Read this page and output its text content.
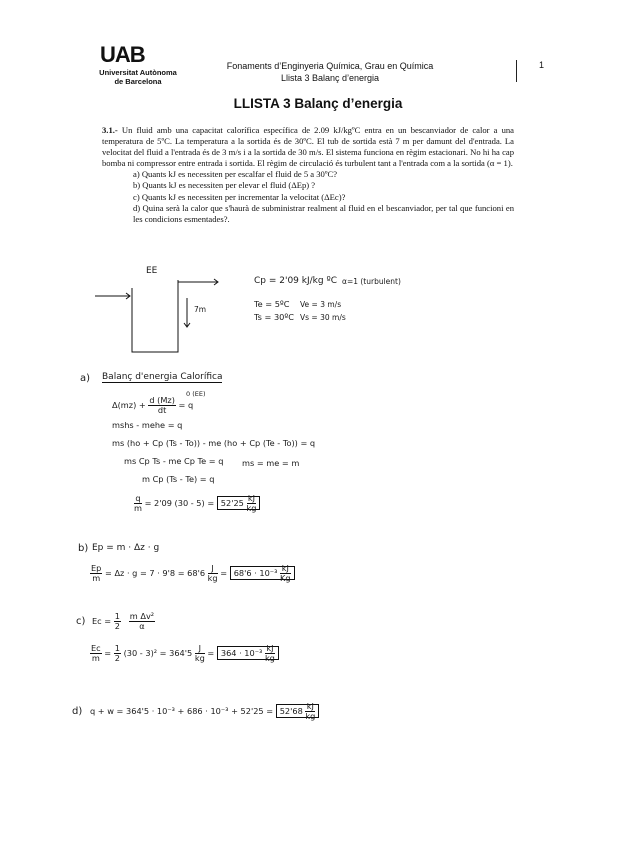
UAB
Universitat Autònoma
de Barcelona
Fonaments d’Enginyeria Química, Grau en Química
Llista 3 Balanç d’energia
1
LLISTA 3 Balanç d’energia

3.1.- Un fluid amb una capacitat calorífica específica de 2.09 kJ/kgºC entra en un bescanviador de calor a una temperatura de 5ºC. La temperatura a la sortida és de 30ºC. El tub de sortida està 7 m per damunt del d'entrada. La velocitat del fluid a l'entrada és de 3 m/s i a la sortida de 30 m/s. El sistema funciona en règim estacionari. No hi ha cap bomba ni compressor entre entrada i sortida. El règim de circulació és turbulent tant a l'entrada com a la sortida (α = 1).

a) Quants kJ es necessiten per escalfar el fluid de 5 a 30ºC?

b) Quants kJ es necessiten per elevar el fluid (ΔEp) ?

c) Quants kJ es necessiten per incrementar la velocitat (ΔEc)?

d) Quina serà la calor que s'haurà de subministrar realment al fluid en el bescanviador, per tal que funcioni en les condicions esmentades?.

EE
7m
Cp = 2'09 kJ/kg ºC α=1 (turbulent)
Te = 5ºC Ve = 3 m/s
Ts = 30ºC Vs = 30 m/s
a) Balanç d'energia Calorífica
0 (EE)
$\Delta(mz) + \frac{d (Mz)}{dt} = q$
mshs - mehe = q
ms (ho + Cp (Ts - To)) - me (ho + Cp (Te - To)) = q
ms Cp Ts - me Cp Te = q ms = me = m
m Cp (Ts - Te) = q
$\frac{q}{m} = 2'09$ $(30 - 5) = 52'25 \frac{kJ}{kg}$
b) Ep = m · Δz · g
$\frac{Ep}{m} = \Delta z \cdot g = 7 \cdot 9'8 = 68'6 \frac{J}{kg} = 68'6 \cdot 10^{-3} \frac{kJ}{Kg}$
c) $Ec = \frac{1}{2}$
$\frac{\text{m Δv²}}{\alpha}$
$\frac{Ec}{m} = \frac{1}{2} (30 - 3)^2 = 364'5 \frac{J}{kg} = 364 \cdot 10^{-3} \frac{kJ}{kg}$
d) $q + w = 364'5 \cdot 10^{-3} + 686 \cdot 10^{-3} + 52'25 = 52'68 \frac{kJ}{kg}$
